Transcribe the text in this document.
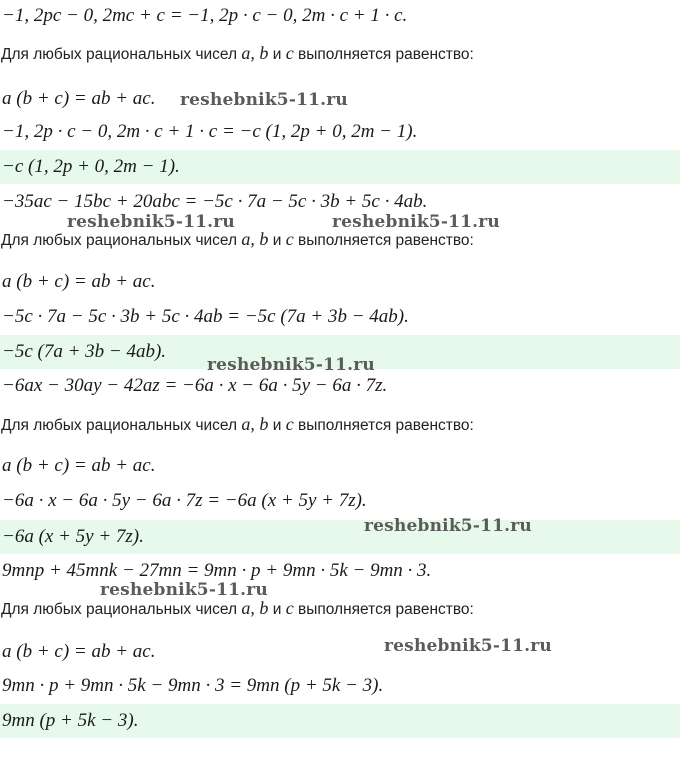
−1, 2pc − 0, 2mc + c = −1, 2p · c − 0, 2m · c + 1 · c.
Для любых рациональных чисел a, b и c выполняется равенство:
a (b + c) = ab + ac.
−1, 2p · c − 0, 2m · c + 1 · c = −c (1, 2p + 0, 2m − 1).
−c (1, 2p + 0, 2m − 1).
−35ac − 15bc + 20abc = −5c · 7a − 5c · 3b + 5c · 4ab.
Для любых рациональных чисел a, b и c выполняется равенство:
a (b + c) = ab + ac.
−5c · 7a − 5c · 3b + 5c · 4ab = −5c (7a + 3b − 4ab).
−5c (7a + 3b − 4ab).
−6ax − 30ay − 42az = −6a · x − 6a · 5y − 6a · 7z.
Для любых рациональных чисел a, b и c выполняется равенство:
a (b + c) = ab + ac.
−6a · x − 6a · 5y − 6a · 7z = −6a (x + 5y + 7z).
−6a (x + 5y + 7z).
9mnp + 45mnk − 27mn = 9mn · p + 9mn · 5k − 9mn · 3.
Для любых рациональных чисел a, b и c выполняется равенство:
a (b + c) = ab + ac.
9mn · p + 9mn · 5k − 9mn · 3 = 9mn (p + 5k − 3).
9mn (p + 5k − 3).
reshebnik5-11.ru
reshebnik5-11.ru	reshebnik5-11.ru
reshebnik5-11.ru
reshebnik5-11.ru
reshebnik5-11.ru
reshebnik5-11.ru
